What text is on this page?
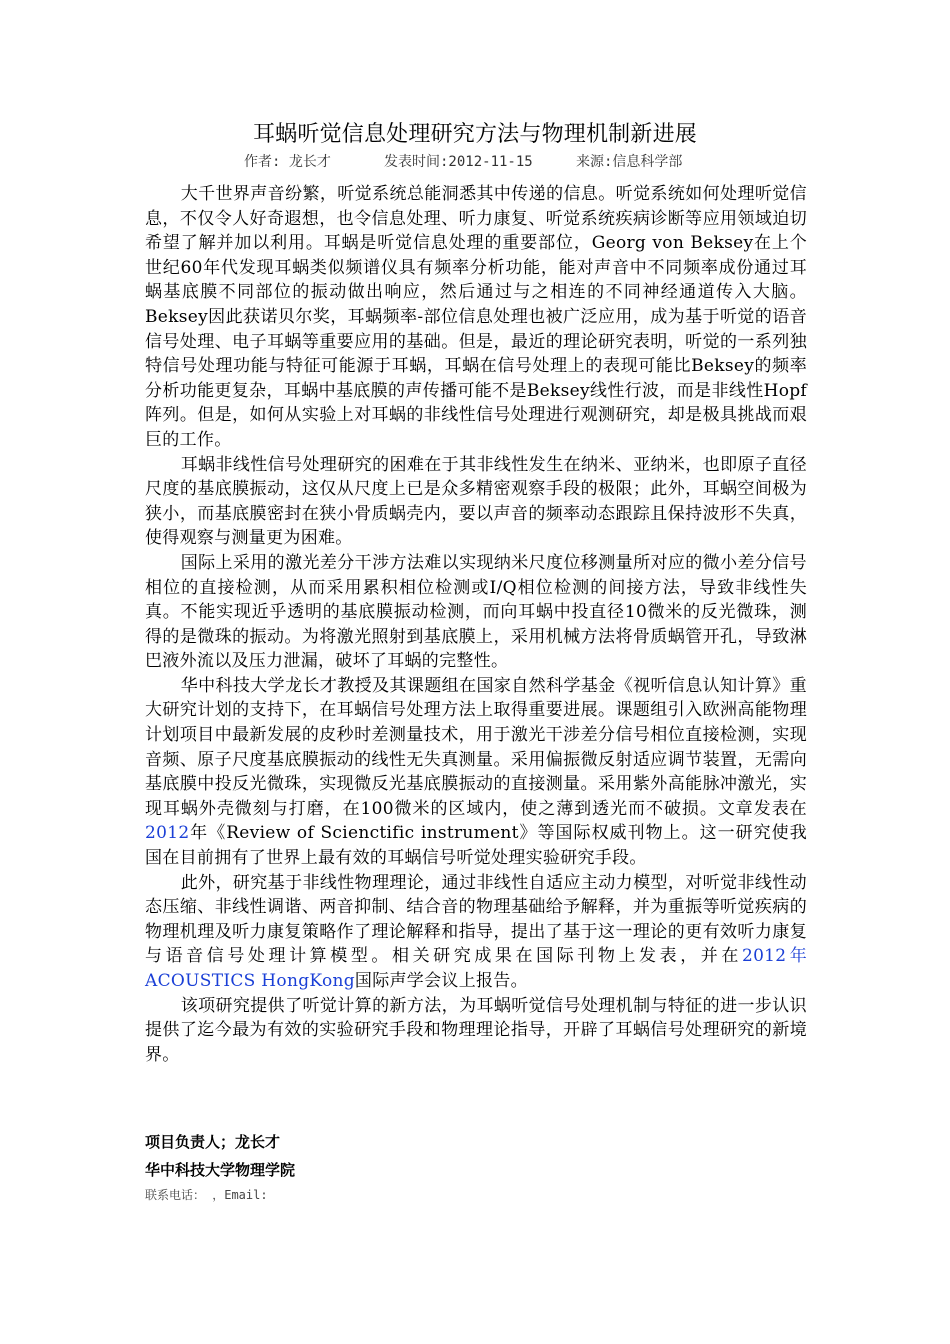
耳蜗听觉信息处理研究方法与物理机制新进展
作者: 龙长才	发表时间:2012-11-15	来源:信息科学部

大千世界声音纷繁，听觉系统总能洞悉其中传递的信息。听觉系统如何处理听觉信息，不仅令人好奇遐想，也令信息处理、听力康复、听觉系统疾病诊断等应用领域迫切希望了解并加以利用。耳蜗是听觉信息处理的重要部位，Georg von Beksey在上个世纪60年代发现耳蜗类似频谱仪具有频率分析功能，能对声音中不同频率成份通过耳蜗基底膜不同部位的振动做出响应，然后通过与之相连的不同神经通道传入大脑。Beksey因此获诺贝尔奖，耳蜗频率-部位信息处理也被广泛应用，成为基于听觉的语音信号处理、电子耳蜗等重要应用的基础。但是，最近的理论研究表明，听觉的一系列独特信号处理功能与特征可能源于耳蜗，耳蜗在信号处理上的表现可能比Beksey的频率分析功能更复杂，耳蜗中基底膜的声传播可能不是Beksey线性行波，而是非线性Hopf阵列。但是，如何从实验上对耳蜗的非线性信号处理进行观测研究，却是极具挑战而艰巨的工作。

耳蜗非线性信号处理研究的困难在于其非线性发生在纳米、亚纳米，也即原子直径尺度的基底膜振动，这仅从尺度上已是众多精密观察手段的极限；此外，耳蜗空间极为狭小，而基底膜密封在狭小骨质蜗壳内，要以声音的频率动态跟踪且保持波形不失真，使得观察与测量更为困难。

国际上采用的激光差分干涉方法难以实现纳米尺度位移测量所对应的微小差分信号相位的直接检测，从而采用累积相位检测或I/Q相位检测的间接方法，导致非线性失真。不能实现近乎透明的基底膜振动检测，而向耳蜗中投直径10微米的反光微珠，测得的是微珠的振动。为将激光照射到基底膜上，采用机械方法将骨质蜗管开孔，导致淋巴液外流以及压力泄漏，破坏了耳蜗的完整性。

华中科技大学龙长才教授及其课题组在国家自然科学基金《视听信息认知计算》重大研究计划的支持下，在耳蜗信号处理方法上取得重要进展。课题组引入欧洲高能物理计划项目中最新发展的皮秒时差测量技术，用于激光干涉差分信号相位直接检测，实现音频、原子尺度基底膜振动的线性无失真测量。采用偏振微反射适应调节装置，无需向基底膜中投反光微珠，实现微反光基底膜振动的直接测量。采用紫外高能脉冲激光，实现耳蜗外壳微刻与打磨，在100微米的区域内，使之薄到透光而不破损。文章发表在2012年《Review of Scienctific instrument》等国际权威刊物上。这一研究使我国在目前拥有了世界上最有效的耳蜗信号听觉处理实验研究手段。

此外，研究基于非线性物理理论，通过非线性自适应主动力模型，对听觉非线性动态压缩、非线性调谐、两音抑制、结合音的物理基础给予解释，并为重振等听觉疾病的物理机理及听力康复策略作了理论解释和指导，提出了基于这一理论的更有效听力康复与语音信号处理计算模型。相关研究成果在国际刊物上发表，并在2012年ACOUSTICS HongKong国际声学会议上报告。

该项研究提供了听觉计算的新方法，为耳蜗听觉信号处理机制与特征的进一步认识提供了迄今最为有效的实验研究手段和物理理论指导，开辟了耳蜗信号处理研究的新境界。

项目负责人；龙长才
华中科技大学物理学院
联系电话： ，Email:
